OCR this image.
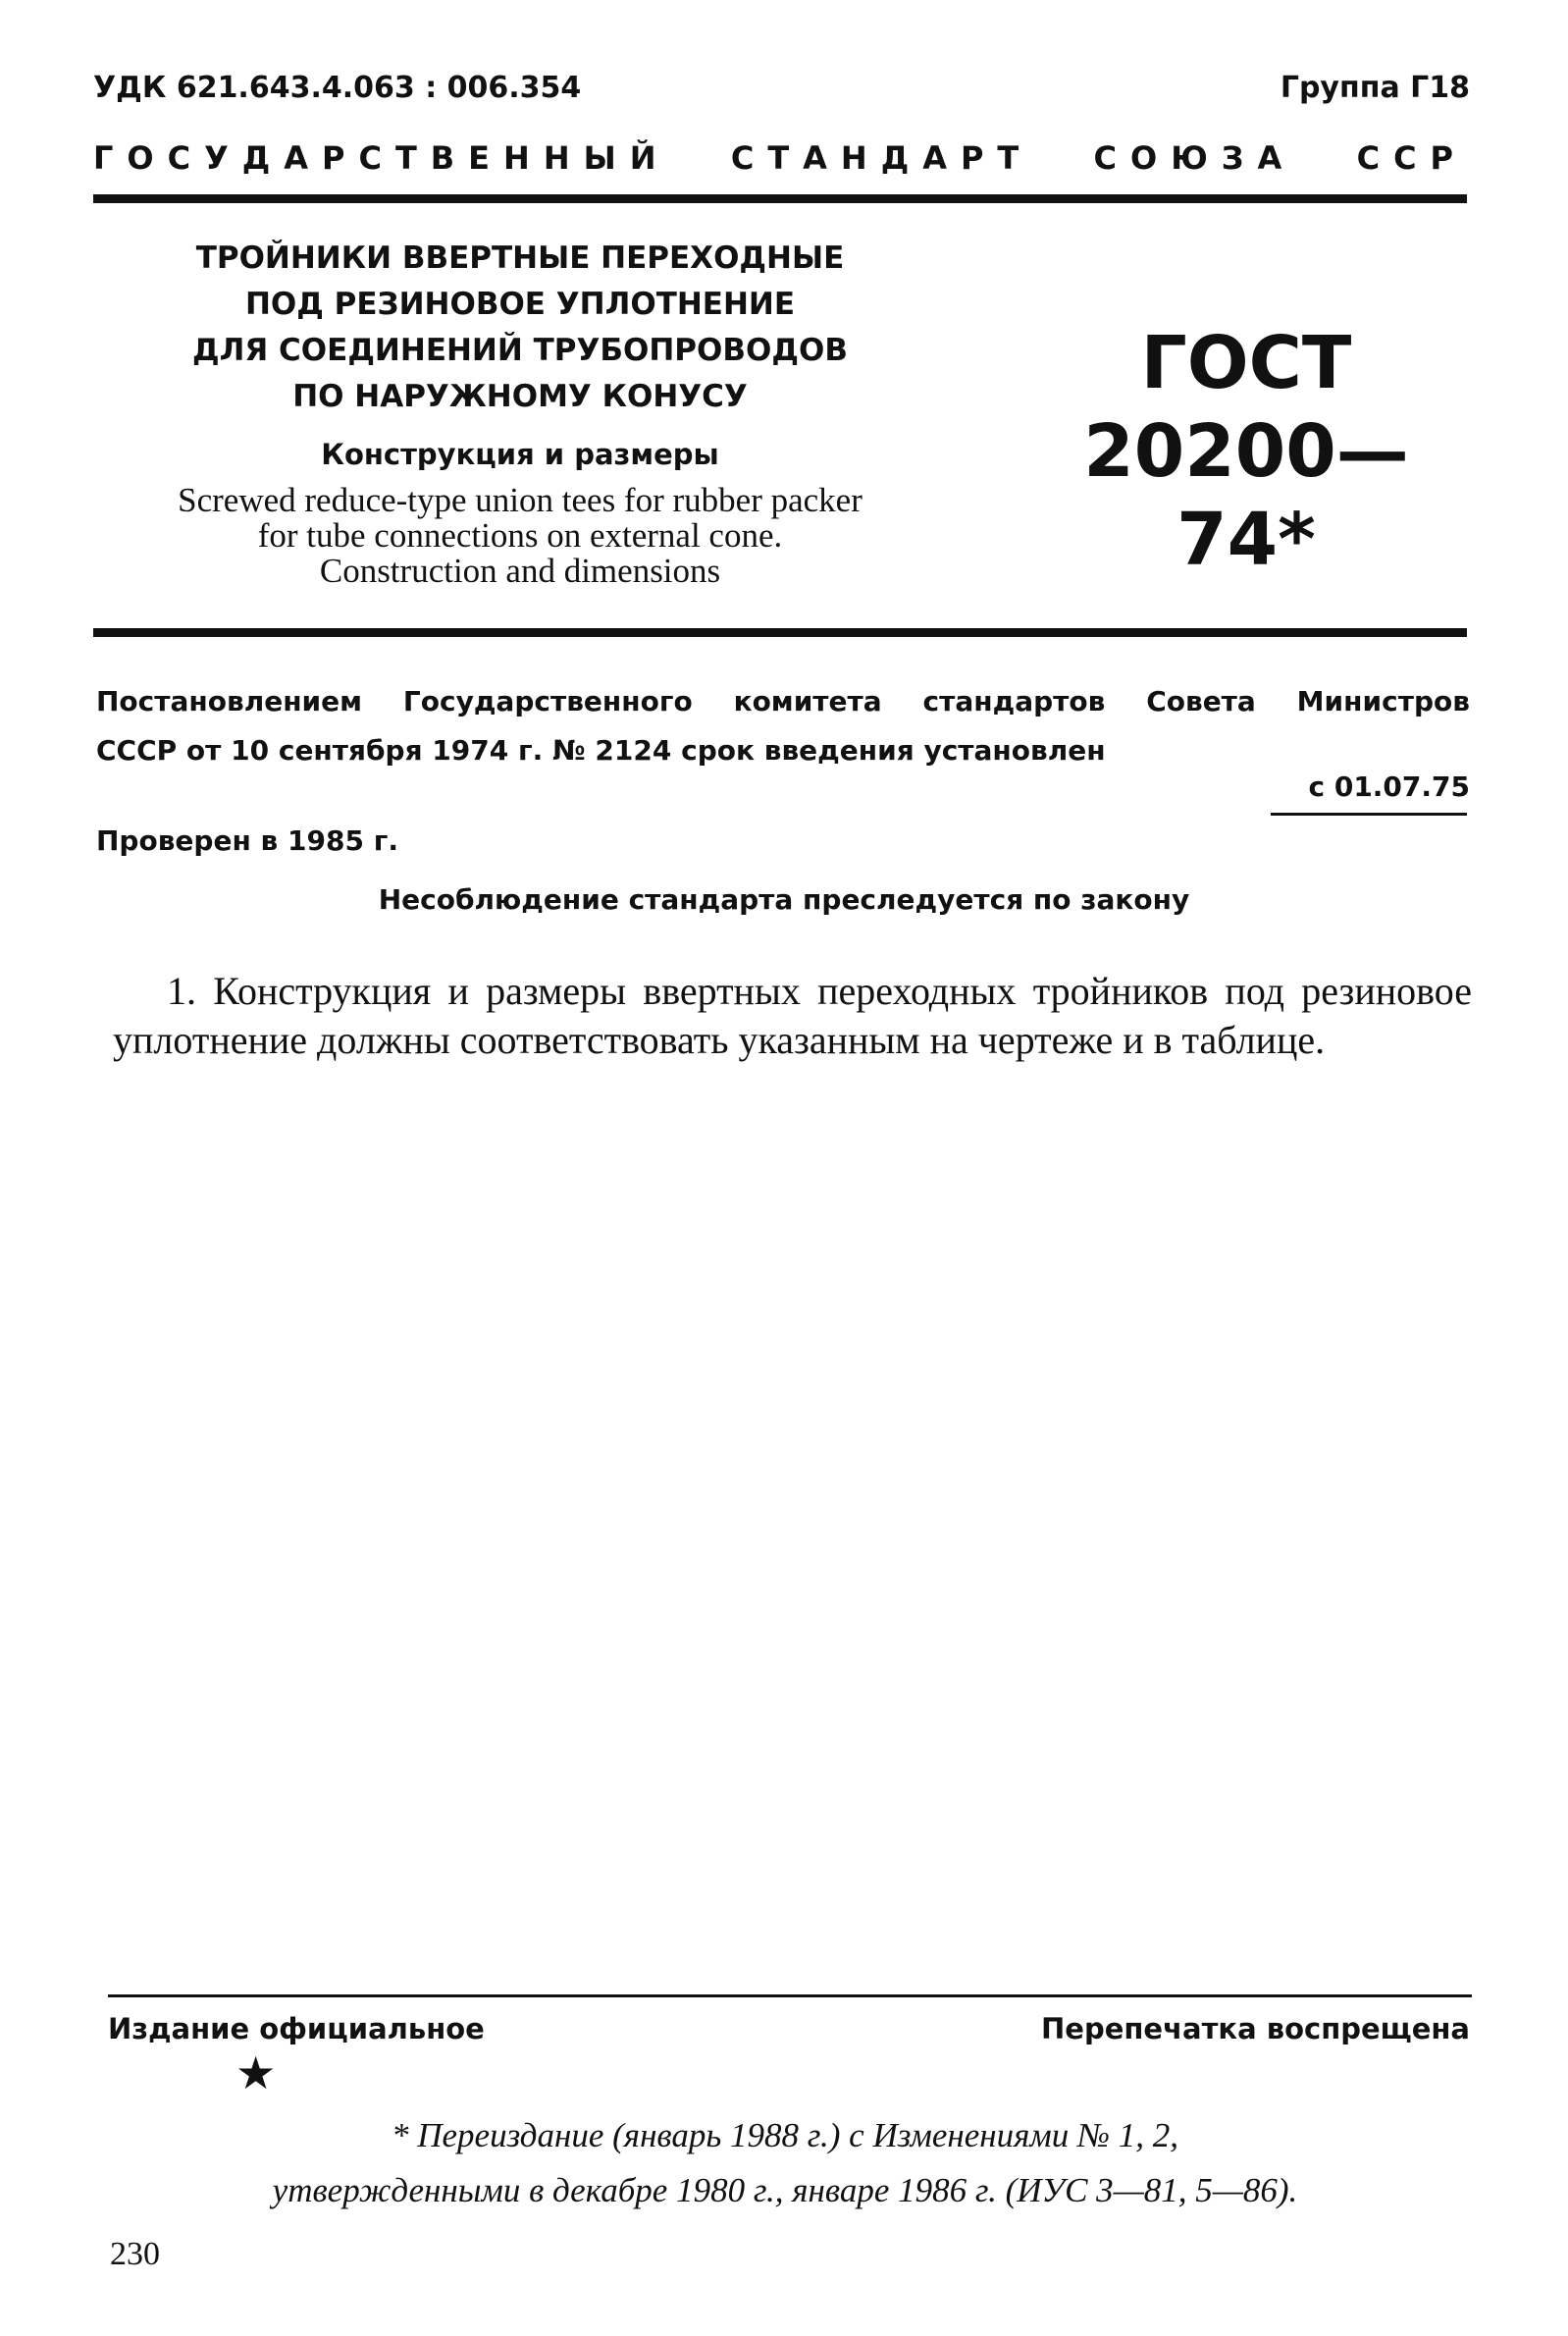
УДК 621.643.4.063 : 006.354	Группа Г18
ГОСУДАРСТВЕННЫЙ СТАНДАРТ СОЮЗА ССР
ТРОЙНИКИ ВВЕРТНЫЕ ПЕРЕХОДНЫЕ
ПОД РЕЗИНОВОЕ УПЛОТНЕНИЕ
ДЛЯ СОЕДИНЕНИЙ ТРУБОПРОВОДОВ
ПО НАРУЖНОМУ КОНУСУ
Конструкция и размеры
Screwed reduce-type union tees for rubber packer
for tube connections on external cone.
Construction and dimensions
ГОСТ
20200—74*
Постановлением Государственного комитета стандартов Совета Министров
СССР от 10 сентября 1974 г. № 2124 срок введения установлен
с 01.07.75
Проверен в 1985 г.
Несоблюдение стандарта преследуется по закону
1. Конструкция и размеры ввертных переходных тройников под резиновое уплотнение должны соответствовать указанным на чертеже и в таблице.
Издание официальное	Перепечатка воспрещена
★
* Переиздание (январь 1988 г.) с Изменениями № 1, 2,
утвержденными в декабре 1980 г., январе 1986 г. (ИУС 3—81, 5—86).
230
